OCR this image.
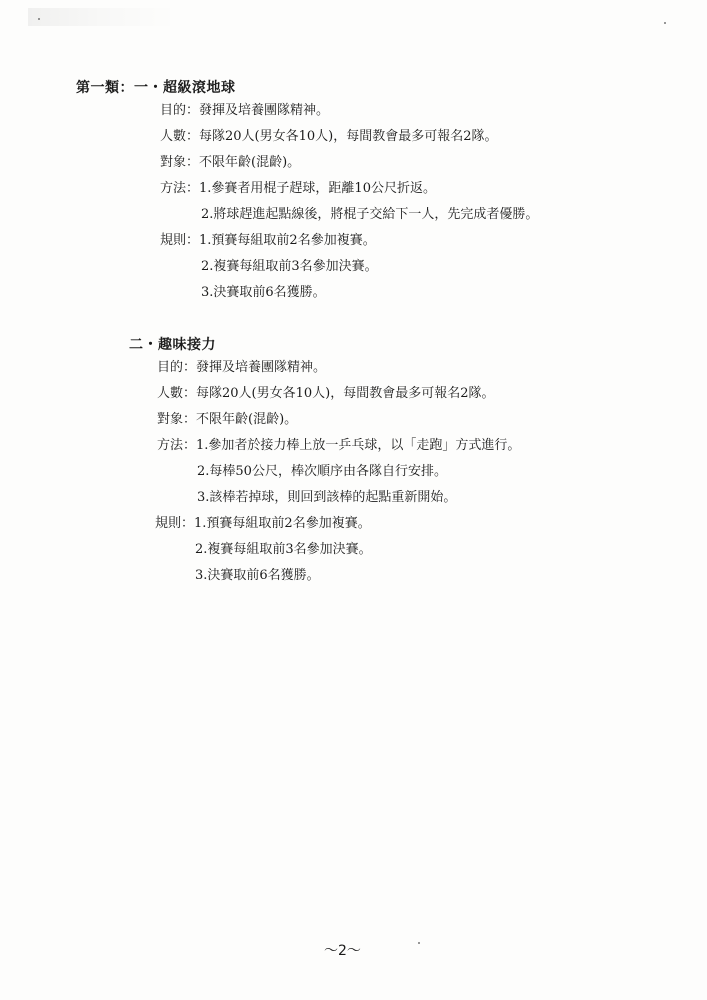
第一類：一・超級滾地球
目的：發揮及培養團隊精神。
人數：每隊20人(男女各10人)，每間教會最多可報名2隊。
對象：不限年齡(混齡)。
方法：1.參賽者用棍子趕球，距離10公尺折返。
2.將球趕進起點線後，將棍子交給下一人，先完成者優勝。
規則：1.預賽每組取前2名參加複賽。
2.複賽每組取前3名參加決賽。
3.決賽取前6名獲勝。
二・趣味接力
目的：發揮及培養團隊精神。
人數：每隊20人(男女各10人)，每間教會最多可報名2隊。
對象：不限年齡(混齡)。
方法：1.參加者於接力棒上放一乒乓球，以「走跑」方式進行。
2.每棒50公尺，棒次順序由各隊自行安排。
3.該棒若掉球，則回到該棒的起點重新開始。
規則：1.預賽每組取前2名參加複賽。
2.複賽每組取前3名參加決賽。
3.決賽取前6名獲勝。
～2～
